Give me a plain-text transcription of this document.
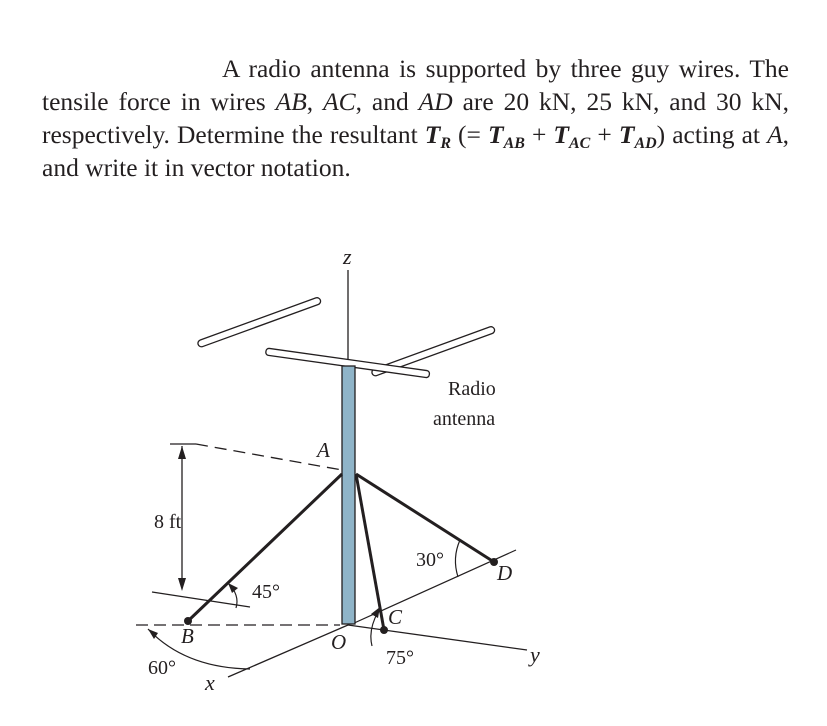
A radio antenna is supported by three guy wires. The tensile force in wires AB, AC, and AD are 20 kN, 25 kN, and 30 kN, respectively. Determine the resultant $T_R$ (= $T_{AB} + T_{AC} + T_{AD}$) acting at A, and write it in vector notation.
z
x
y
Radio
antenna
A
B
C
D
O
8 ft
45°
30°
60°	75°
